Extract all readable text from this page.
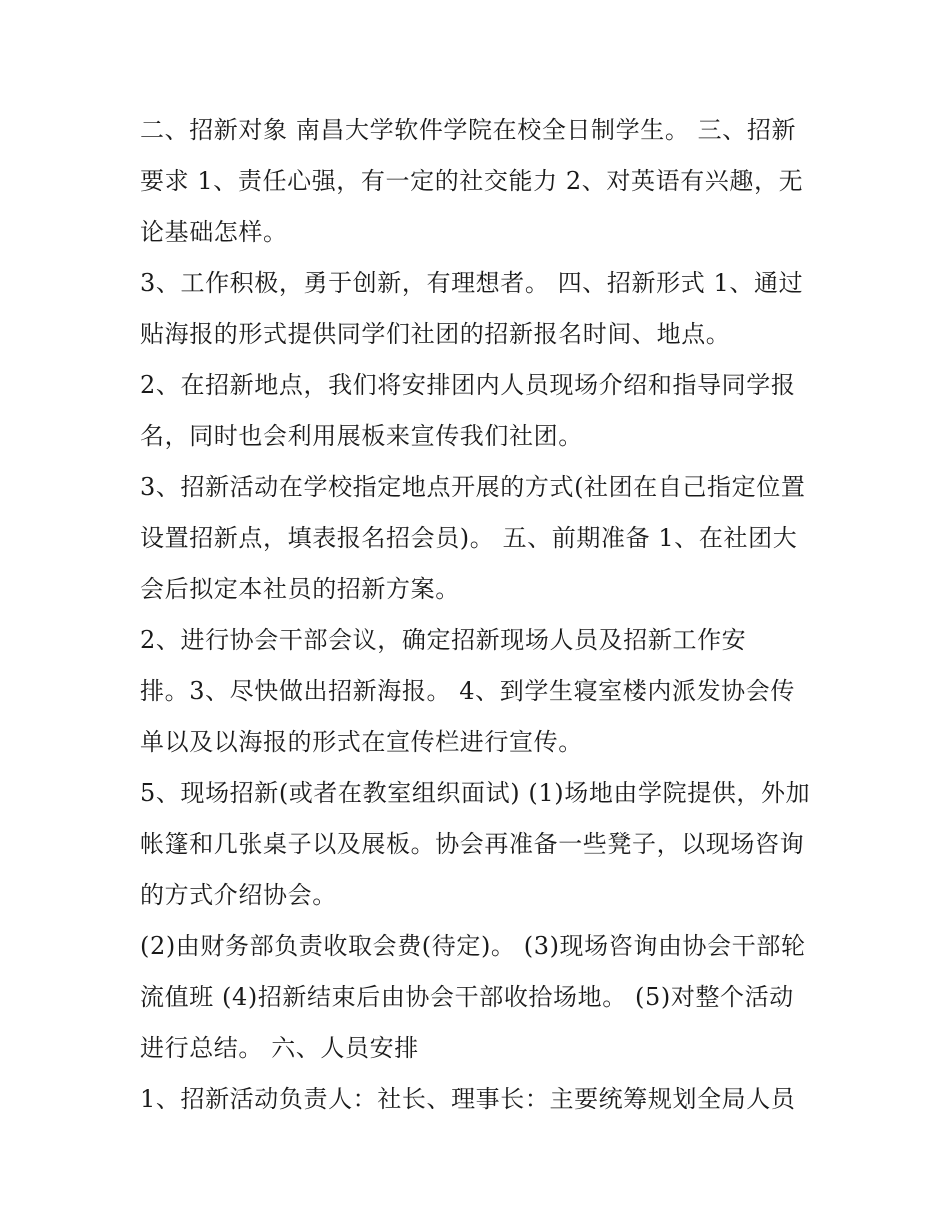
二、招新对象 南昌大学软件学院在校全日制学生。 三、招新
要求 1、责任心强，有一定的社交能力 2、对英语有兴趣，无
论基础怎样。
3、工作积极，勇于创新，有理想者。 四、招新形式 1、通过
贴海报的形式提供同学们社团的招新报名时间、地点。
2、在招新地点，我们将安排团内人员现场介绍和指导同学报
名，同时也会利用展板来宣传我们社团。
3、招新活动在学校指定地点开展的方式(社团在自己指定位置
设置招新点，填表报名招会员)。 五、前期准备 1、在社团大
会后拟定本社员的招新方案。
2、进行协会干部会议，确定招新现场人员及招新工作安
排。3、尽快做出招新海报。 4、到学生寝室楼内派发协会传
单以及以海报的形式在宣传栏进行宣传。
5、现场招新(或者在教室组织面试) (1)场地由学院提供，外加
帐篷和几张桌子以及展板。协会再准备一些凳子，以现场咨询
的方式介绍协会。
(2)由财务部负责收取会费(待定)。 (3)现场咨询由协会干部轮
流值班 (4)招新结束后由协会干部收拾场地。 (5)对整个活动
进行总结。 六、人员安排
1、招新活动负责人：社长、理事长：主要统筹规划全局人员
